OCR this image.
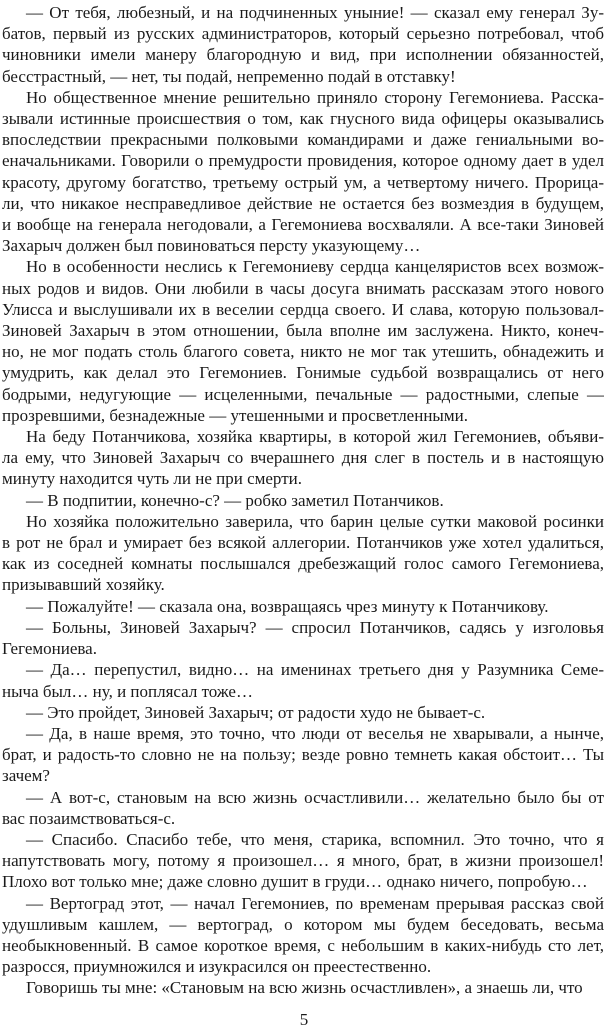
— От тебя, любезный, и на подчиненных уныние! — сказал ему генерал Зу-
батов, первый из русских администраторов, который серьезно потребовал, чтоб
чиновники имели манеру благородную и вид, при исполнении обязанностей,
бесстрастный, — нет, ты подай, непременно подай в отставку!
Но общественное мнение решительно приняло сторону Гегемониева. Расска-
зывали истинные происшествия о том, как гнусного вида офицеры оказывались
впоследствии прекрасными полковыми командирами и даже гениальными во-
еначальниками. Говорили о премудрости провидения, которое одному дает в удел
красоту, другому богатство, третьему острый ум, а четвертому ничего. Прорица-
ли, что никакое несправедливое действие не остается без возмездия в будущем,
и вообще на генерала негодовали, а Гегемониева восхваляли. А все-таки Зиновей
Захарыч должен был повиноваться персту указующему…
Но в особенности неслись к Гегемониеву сердца канцеляристов всех возмож-
ных родов и видов. Они любили в часы досуга внимать рассказам этого нового
Улисса и выслушивали их в веселии сердца своего. И слава, которую пользовал-
Зиновей Захарыч в этом отношении, была вполне им заслужена. Никто, конеч-
но, не мог подать столь благого совета, никто не мог так утешить, обнадежить и
умудрить, как делал это Гегемониев. Гонимые судьбой возвращались от него
бодрыми, недугующие — исцеленными, печальные — радостными, слепые —
прозревшими, безнадежные — утешенными и просветленными.
На беду Потанчикова, хозяйка квартиры, в которой жил Гегемониев, объяви-
ла ему, что Зиновей Захарыч со вчерашнего дня слег в постель и в настоящую
минуту находится чуть ли не при смерти.
— В подпитии, конечно-с? — робко заметил Потанчиков.
Но хозяйка положительно заверила, что барин целые сутки маковой росинки
в рот не брал и умирает без всякой аллегории. Потанчиков уже хотел удалиться,
как из соседней комнаты послышался дребезжащий голос самого Гегемониева,
призывавший хозяйку.
— Пожалуйте! — сказала она, возвращаясь чрез минуту к Потанчикову.
— Больны, Зиновей Захарыч? — спросил Потанчиков, садясь у изголовья
Гегемониева.
— Да… перепустил, видно… на именинах третьего дня у Разумника Семе-
ныча был… ну, и поплясал тоже…
— Это пройдет, Зиновей Захарыч; от радости худо не бывает-с.
— Да, в наше время, это точно, что люди от веселья не хварывали, а нынче,
брат, и радость-то словно не на пользу; везде ровно темнеть какая обстоит… Ты
зачем?
— А вот-с, становым на всю жизнь осчастливили… желательно было бы от
вас позаимствоваться-с.
— Спасибо. Спасибо тебе, что меня, старика, вспомнил. Это точно, что я
напутствовать могу, потому я произошел… я много, брат, в жизни произошел!
Плохо вот только мне; даже словно душит в груди… однако ничего, попробую…
— Вертоград этот, — начал Гегемониев, по временам прерывая рассказ свой
удушливым кашлем, — вертоград, о котором мы будем беседовать, весьма
необыкновенный. В самое короткое время, с небольшим в каких-нибудь сто лет,
разросся, приумножился и изукрасился он преестественно.
Говоришь ты мне: «Становым на всю жизнь осчастливлен», а знаешь ли, что
5
